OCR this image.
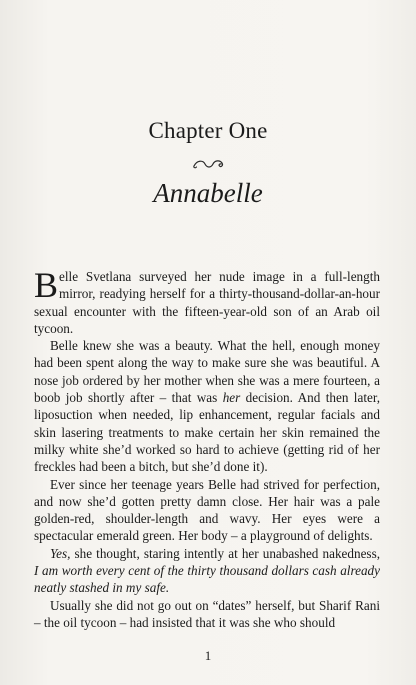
Chapter One
Annabelle

Belle Svetlana surveyed her nude image in a full-length mirror, readying herself for a thirty-thousand-dollar-an-hour sexual encounter with the fifteen-year-old son of an Arab oil tycoon.

Belle knew she was a beauty. What the hell, enough money had been spent along the way to make sure she was beautiful. A nose job ordered by her mother when she was a mere fourteen, a boob job shortly after – that was her decision. And then later, liposuction when needed, lip enhancement, regular facials and skin lasering treatments to make certain her skin remained the milky white she’d worked so hard to achieve (getting rid of her freckles had been a bitch, but she’d done it).

Ever since her teenage years Belle had strived for perfection, and now she’d gotten pretty damn close. Her hair was a pale golden-red, shoulder-length and wavy. Her eyes were a spectacular emerald green. Her body – a playground of delights.

Yes, she thought, staring intently at her unabashed nakedness, I am worth every cent of the thirty thousand dollars cash already neatly stashed in my safe.

Usually she did not go out on “dates” herself, but Sharif Rani – the oil tycoon – had insisted that it was she who should

1
